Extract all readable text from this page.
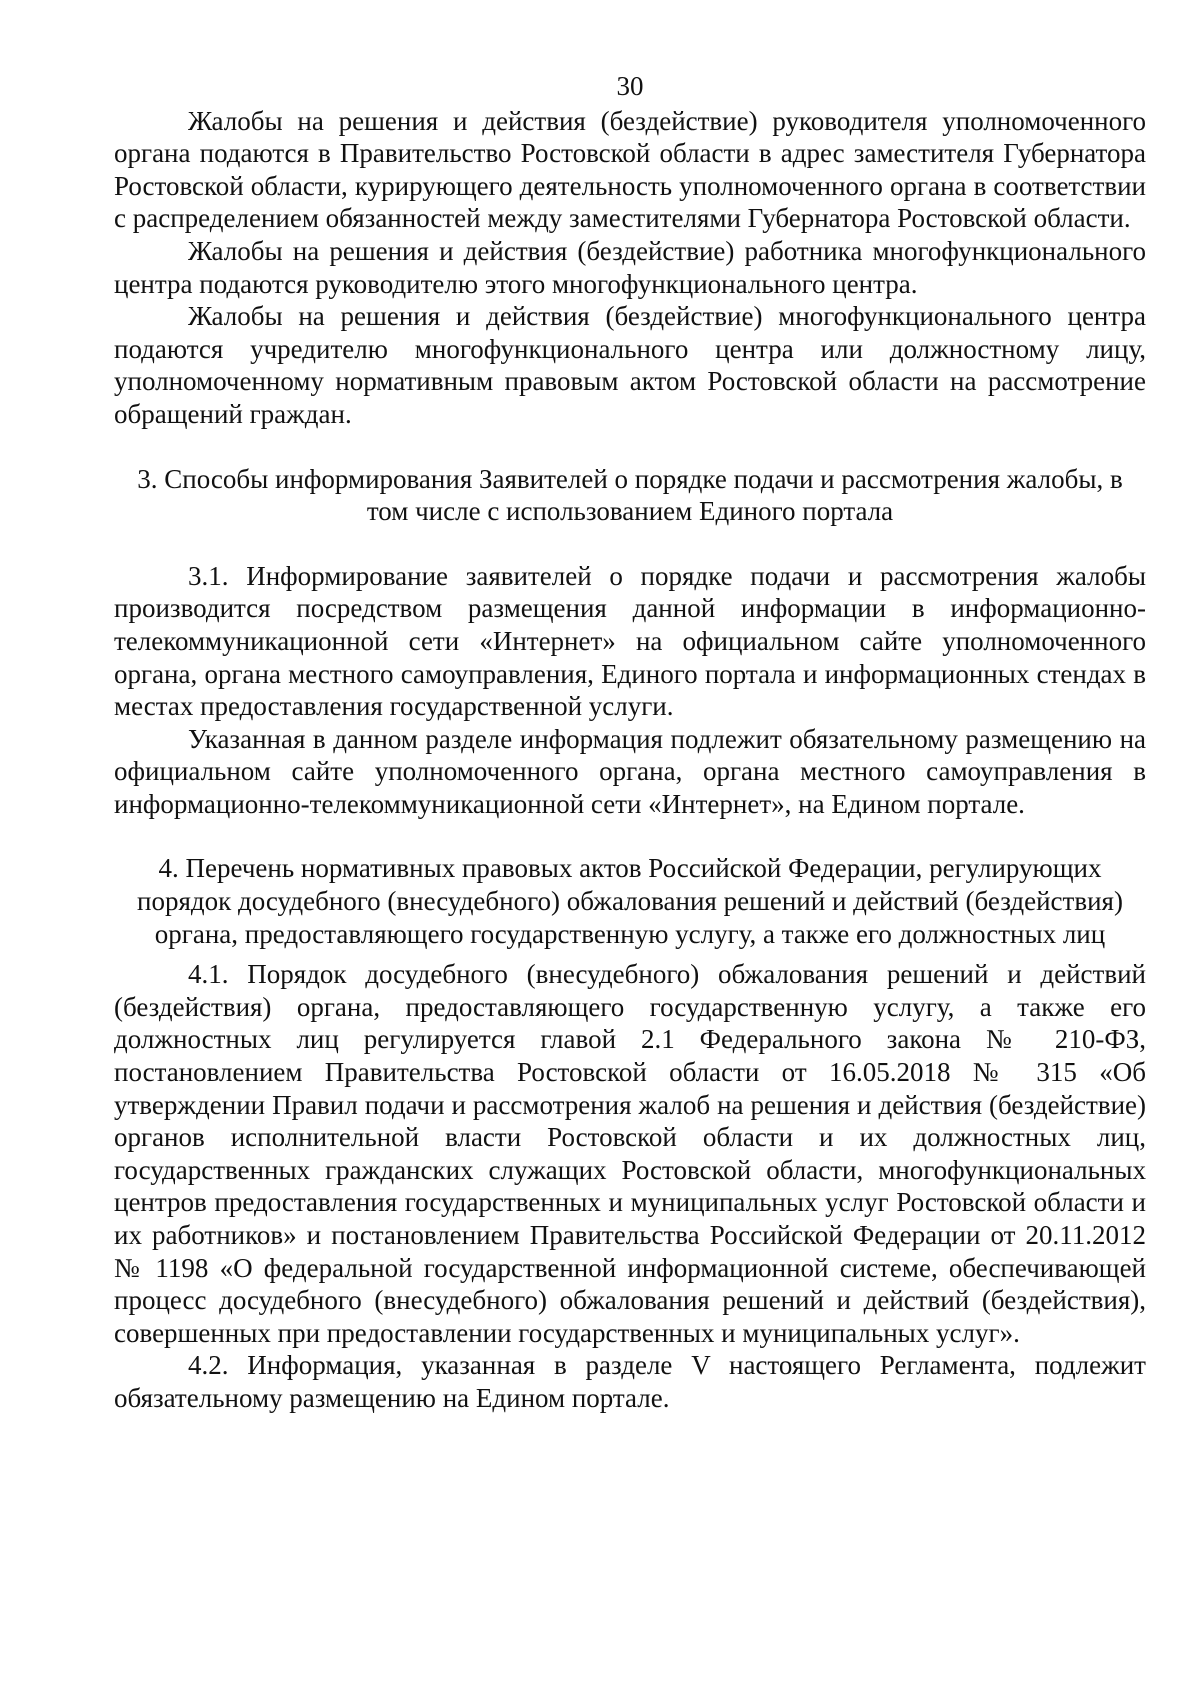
30

Жалобы на решения и действия (бездействие) руководителя уполномоченного органа подаются в Правительство Ростовской области в адрес заместителя Губернатора Ростовской области, курирующего деятельность уполномоченного органа в соответствии с распределением обязанностей между заместителями Губернатора Ростовской области.

Жалобы на решения и действия (бездействие) работника многофункционального центра подаются руководителю этого многофункционального центра.

Жалобы на решения и действия (бездействие) многофункционального центра подаются учредителю многофункционального центра или должностному лицу, уполномоченному нормативным правовым актом Ростовской области на рассмотрение обращений граждан.

3. Способы информирования Заявителей о порядке подачи и рассмотрения жалобы, в том числе с использованием Единого портала

3.1. Информирование заявителей о порядке подачи и рассмотрения жалобы производится посредством размещения данной информации в информационно-телекоммуникационной сети «Интернет» на официальном сайте уполномоченного органа, органа местного самоуправления, Единого портала и информационных стендах в местах предоставления государственной услуги.

Указанная в данном разделе информация подлежит обязательному размещению на официальном сайте уполномоченного органа, органа местного самоуправления в информационно-телекоммуникационной сети «Интернет», на Едином портале.

4. Перечень нормативных правовых актов Российской Федерации, регулирующих порядок досудебного (внесудебного) обжалования решений и действий (бездействия) органа, предоставляющего государственную услугу, а также его должностных лиц

4.1. Порядок досудебного (внесудебного) обжалования решений и действий (бездействия) органа, предоставляющего государственную услугу, а также его должностных лиц регулируется главой 2.1 Федерального закона № 210-ФЗ, постановлением Правительства Ростовской области от 16.05.2018 № 315 «Об утверждении Правил подачи и рассмотрения жалоб на решения и действия (бездействие) органов исполнительной власти Ростовской области и их должностных лиц, государственных гражданских служащих Ростовской области, многофункциональных центров предоставления государственных и муниципальных услуг Ростовской области и их работников» и постановлением Правительства Российской Федерации от 20.11.2012 № 1198 «О федеральной государственной информационной системе, обеспечивающей процесс досудебного (внесудебного) обжалования решений и действий (бездействия), совершенных при предоставлении государственных и муниципальных услуг».

4.2. Информация, указанная в разделе V настоящего Регламента, подлежит обязательному размещению на Едином портале.
